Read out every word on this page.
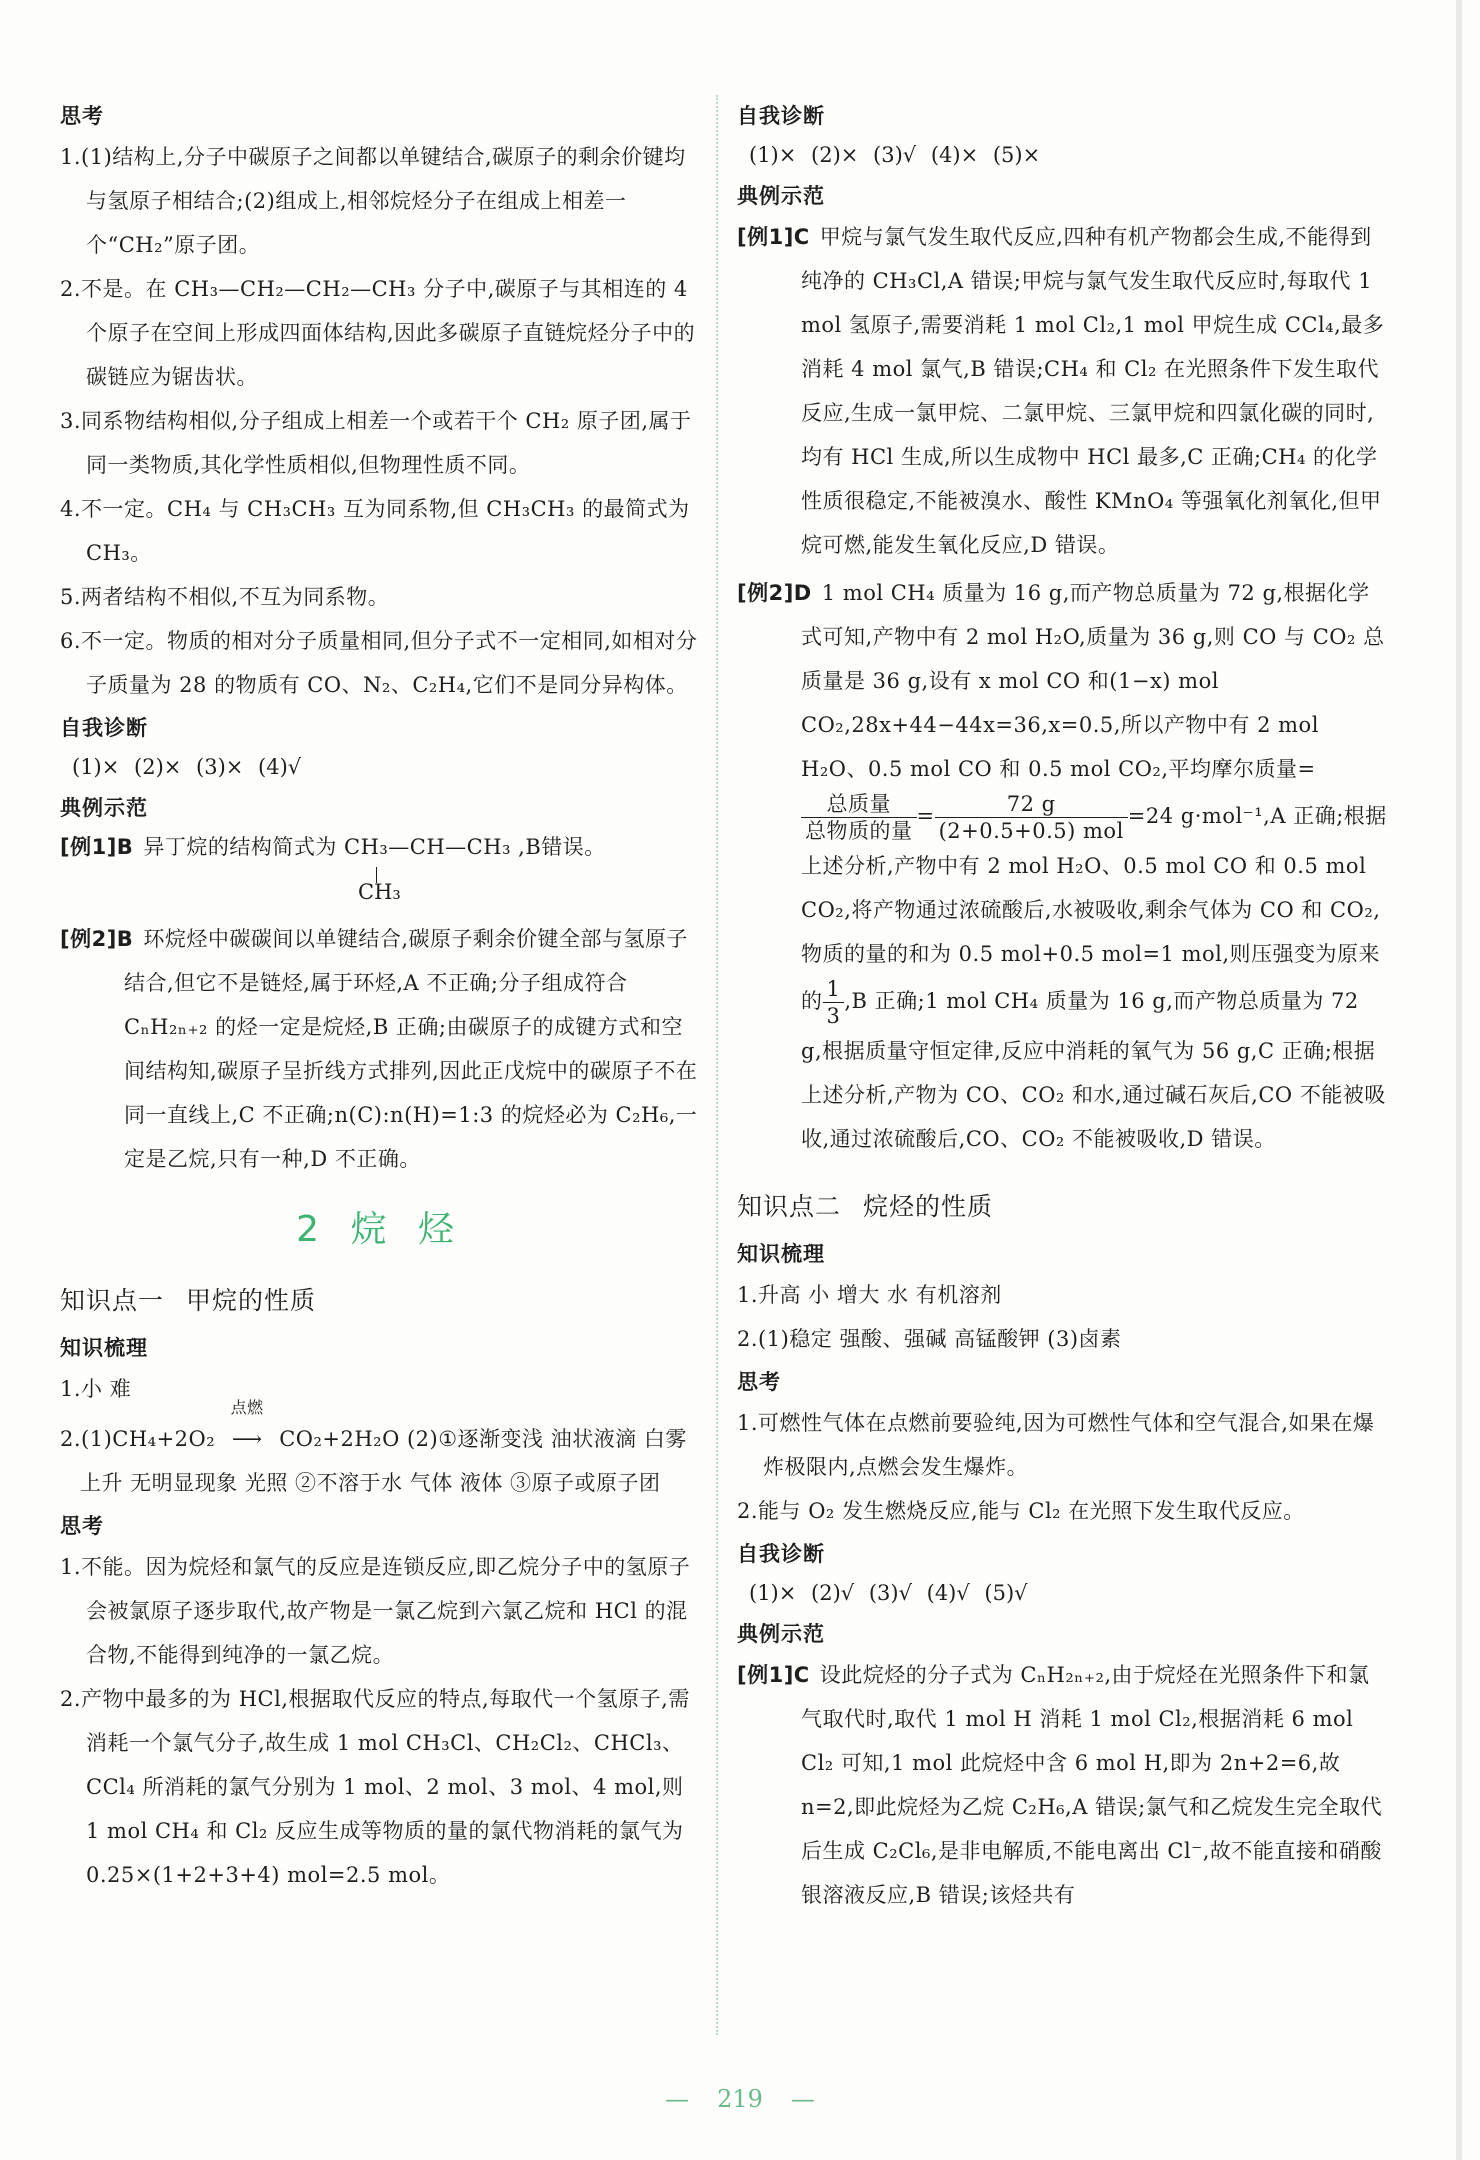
思考
1.(1)结构上,分子中碳原子之间都以单键结合,碳原子的剩余价键均与氢原子相结合;(2)组成上,相邻烷烃分子在组成上相差一个“CH₂”原子团。
2.不是。在 CH₃—CH₂—CH₂—CH₃ 分子中,碳原子与其相连的 4 个原子在空间上形成四面体结构,因此多碳原子直链烷烃分子中的碳链应为锯齿状。
3.同系物结构相似,分子组成上相差一个或若干个 CH₂ 原子团,属于同一类物质,其化学性质相似,但物理性质不同。
4.不一定。CH₄ 与 CH₃CH₃ 互为同系物,但 CH₃CH₃ 的最简式为 CH₃。
5.两者结构不相似,不互为同系物。
6.不一定。物质的相对分子质量相同,但分子式不一定相同,如相对分子质量为 28 的物质有 CO、N₂、C₂H₄,它们不是同分异构体。
自我诊断
(1)× (2)× (3)× (4)√
典例示范
[例1]B 异丁烷的结构简式为 CH₃—CH—CH₃ ,B错误。
CH₃
[例2]B 环烷烃中碳碳间以单键结合,碳原子剩余价键全部与氢原子结合,但它不是链烃,属于环烃,A 不正确;分子组成符合 CₙH₂ₙ₊₂ 的烃一定是烷烃,B 正确;由碳原子的成键方式和空间结构知,碳原子呈折线方式排列,因此正戊烷中的碳原子不在同一直线上,C 不正确;n(C):n(H)=1:3 的烷烃必为 C₂H₆,一定是乙烷,只有一种,D 不正确。
2 烷 烃
知识点一 甲烷的性质
知识梳理
1.小 难
2.(1)CH₄+2O₂
点燃
⟶ CO₂+2H₂O (2)①逐渐变浅 油状液滴 白雾 上升 无明显现象 光照 ②不溶于水 气体 液体 ③原子或原子团
思考
1.不能。因为烷烃和氯气的反应是连锁反应,即乙烷分子中的氢原子会被氯原子逐步取代,故产物是一氯乙烷到六氯乙烷和 HCl 的混合物,不能得到纯净的一氯乙烷。
2.产物中最多的为 HCl,根据取代反应的特点,每取代一个氢原子,需消耗一个氯气分子,故生成 1 mol CH₃Cl、CH₂Cl₂、CHCl₃、CCl₄ 所消耗的氯气分别为 1 mol、2 mol、3 mol、4 mol,则 1 mol CH₄ 和 Cl₂ 反应生成等物质的量的氯代物消耗的氯气为 0.25×(1+2+3+4) mol=2.5 mol。
自我诊断
(1)× (2)× (3)√ (4)× (5)×
典例示范
[例1]C 甲烷与氯气发生取代反应,四种有机产物都会生成,不能得到纯净的 CH₃Cl,A 错误;甲烷与氯气发生取代反应时,每取代 1 mol 氢原子,需要消耗 1 mol Cl₂,1 mol 甲烷生成 CCl₄,最多消耗 4 mol 氯气,B 错误;CH₄ 和 Cl₂ 在光照条件下发生取代反应,生成一氯甲烷、二氯甲烷、三氯甲烷和四氯化碳的同时,均有 HCl 生成,所以生成物中 HCl 最多,C 正确;CH₄ 的化学性质很稳定,不能被溴水、酸性 KMnO₄ 等强氧化剂氧化,但甲烷可燃,能发生氧化反应,D 错误。
[例2]D 1 mol CH₄ 质量为 16 g,而产物总质量为 72 g,根据化学式可知,产物中有 2 mol H₂O,质量为 36 g,则 CO 与 CO₂ 总质量是 36 g,设有 x mol CO 和(1−x) mol CO₂,28x+44−44x=36,x=0.5,所以产物中有 2 mol H₂O、0.5 mol CO 和 0.5 mol CO₂,平均摩尔质量=
$\frac{\text{总质量}}{\text{总物质的量}} = \frac{72 g}{\text{(2+0.5+0.5) mol}} =24$ g·mol⁻¹,A 正确;根据上述分析,产物中有 2 mol H₂O、0.5 mol CO 和 0.5 mol CO₂,将产物通过浓硫酸后,水被吸收,剩余气体为 CO 和 CO₂,物质的量的和为 0.5 mol+0.5 mol=1 mol,则压强变为原来的 $\frac{1}{3} ,B$ 正确;1 mol CH₄ 质量为 16 g,而产物总质量为 72 g,根据质量守恒定律,反应中消耗的氧气为 56 g,C 正确;根据上述分析,产物为 CO、CO₂ 和水,通过碱石灰后,CO 不能被吸收,通过浓硫酸后,CO、CO₂ 不能被吸收,D 错误。
知识点二 烷烃的性质
知识梳理
1.升高 小 增大 水 有机溶剂
2.(1)稳定 强酸、强碱 高锰酸钾 (3)卤素
思考
1.可燃性气体在点燃前要验纯,因为可燃性气体和空气混合,如果在爆炸极限内,点燃会发生爆炸。
2.能与 O₂ 发生燃烧反应,能与 Cl₂ 在光照下发生取代反应。
自我诊断
(1)× (2)√ (3)√ (4)√ (5)√
典例示范
[例1]C 设此烷烃的分子式为 CₙH₂ₙ₊₂,由于烷烃在光照条件下和氯气取代时,取代 1 mol H 消耗 1 mol Cl₂,根据消耗 6 mol Cl₂ 可知,1 mol 此烷烃中含 6 mol H,即为 2n+2=6,故 n=2,即此烷烃为乙烷 C₂H₆,A 错误;氯气和乙烷发生完全取代后生成 C₂Cl₆,是非电解质,不能电离出 Cl⁻,故不能直接和硝酸银溶液反应,B 错误;该烃共有
— 219 —
